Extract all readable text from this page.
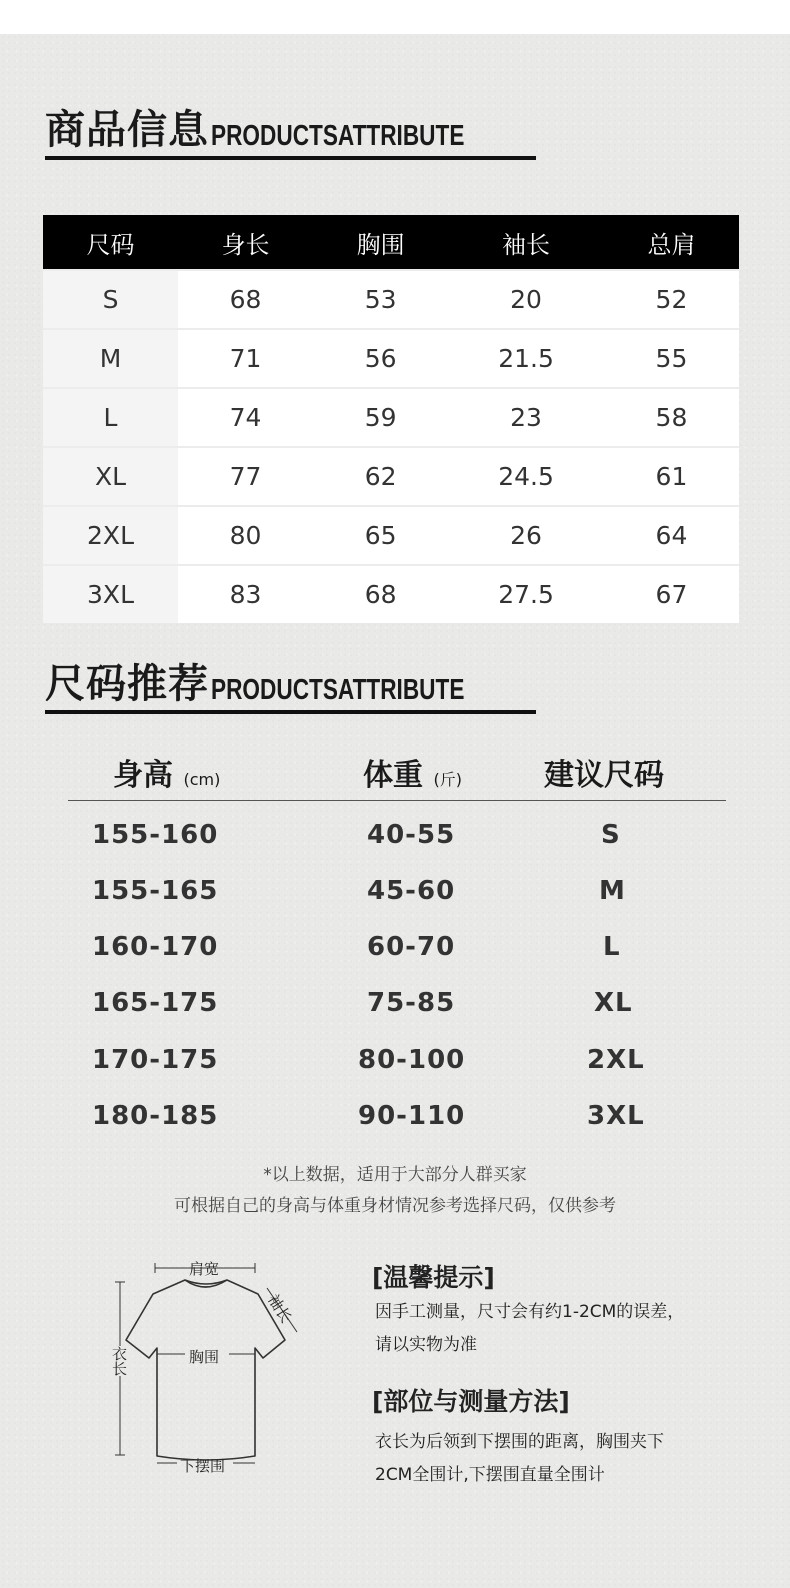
商品信息 PRODUCTSATTRIBUTE
尺码	身长	胸围	袖长	总肩
S	68	53	20	52
M	71	56	21.5	55
L	74	59	23	58
XL	77	62	24.5	61
2XL	80	65	26	64
3XL	83	68	27.5	67
尺码推荐 PRODUCTSATTRIBUTE
身高 (cm)	体重 (斤)	建议尺码
155-160	40-55	S
155-165	45-60	M
160-170	60-70	L
165-175	75-85	XL
170-175	80-100	2XL
180-185	90-110	3XL
*以上数据，适用于大部分人群买家
可根据自己的身高与体重身材情况参考选择尺码，仅供参考
肩宽
袖长
胸围
衣长
下摆围
[温馨提示]
因手工测量，尺寸会有约1-2CM的误差，
请以实物为准
[部位与测量方法]
衣长为后领到下摆围的距离，胸围夹下
2CM全围计,下摆围直量全围计
